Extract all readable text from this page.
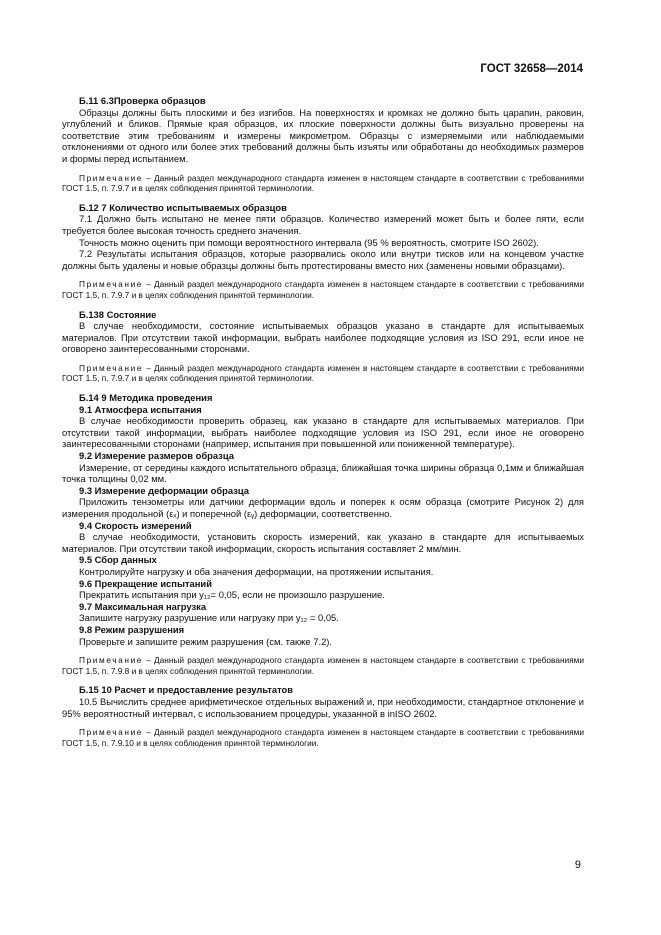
ГОСТ 32658—2014
Б.11 6.3Проверка образцов

Образцы должны быть плоскими и без изгибов. На поверхностях и кромках не должно быть царапин, раковин, углублений и бликов. Прямые края образцов, их плоские поверхности должны быть визуально проверены на соответствие этим требованиям и измерены микрометром. Образцы с измеряемыми или наблюдаемыми отклонениями от одного или более этих требований должны быть изъяты или обработаны до необходимых размеров и формы перед испытанием.

Примечание – Данный раздел международного стандарта изменен в настоящем стандарте в соответствии с требованиями ГОСТ 1.5, п. 7.9.7 и в целях соблюдения принятой терминологии.
Б.12 7 Количество испытываемых образцов

7.1 Должно быть испытано не менее пяти образцов. Количество измерений может быть и более пяти, если требуется более высокая точность среднего значения.

Точность можно оценить при помощи вероятностного интервала (95 % вероятность, смотрите ISO 2602).

7.2 Результаты испытания образцов, которые разорвались около или внутри тисков или на концевом участке должны быть удалены и новые образцы должны быть протестированы вместо них (заменены новыми образцами).

Примечание – Данный раздел международного стандарта изменен в настоящем стандарте в соответствии с требованиями ГОСТ 1.5, п. 7.9.7 и в целях соблюдения принятой терминологии.
Б.138 Состояние

В случае необходимости, состояние испытываемых образцов указано в стандарте для испытываемых материалов. При отсутствии такой информации, выбрать наиболее подходящие условия из ISO 291, если иное не оговорено заинтересованными сторонами.

Примечание – Данный раздел международного стандарта изменен в настоящем стандарте в соответствии с требованиями ГОСТ 1.5, п. 7.9.7 и в целях соблюдения принятой терминологии.
Б.14 9 Методика проведения
9.1 Атмосфера испытания

В случае необходимости проверить образец, как указано в стандарте для испытываемых материалов. При отсутствии такой информации, выбрать наиболее подходящие условия из ISO 291, если иное не оговорено заинтересованными сторонами (например, испытания при повышенной или пониженной температуре).

9.2 Измерение размеров образца

Измерение, от середины каждого испытательного образца, ближайшая точка ширины образца 0,1мм и ближайшая точка толщины 0,02 мм.

9.3 Измерение деформации образца

Приложить тензометры или датчики деформации вдоль и поперек к осям образца (смотрите Рисунок 2) для измерения продольной (εₓ) и поперечной (εᵧ) деформации, соответственно.

9.4 Скорость измерений

В случае необходимости, установить скорость измерений, как указано в стандарте для испытываемых материалов. При отсутствии такой информации, скорость испытания составляет 2 мм/мин.

9.5 Сбор данных

Контролируйте нагрузку и оба значения деформации, на протяжении испытания.

9.6 Прекращение испытаний

Прекратить испытания при y₁₂= 0,05, если не произошло разрушение.

9.7 Максимальная нагрузка

Запишите нагрузку разрушение или нагрузку при y₁₂ = 0,05.

9.8 Режим разрушения

Проверьте и запишите режим разрушения (см. также 7.2).

Примечание – Данный раздел международного стандарта изменен в настоящем стандарте в соответствии с требованиями ГОСТ 1.5, п. 7.9.8 и в целях соблюдения принятой терминологии.
Б.15 10 Расчет и предоставление результатов

10.5 Вычислить среднее арифметическое отдельных выражений и, при необходимости, стандартное отклонение и 95% вероятностный интервал, с использованием процедуры, указанной в inISO 2602.

Примечание – Данный раздел международного стандарта изменен в настоящем стандарте в соответствии с требованиями ГОСТ 1.5, п. 7.9.10 и в целях соблюдения принятой терминологии.
9
